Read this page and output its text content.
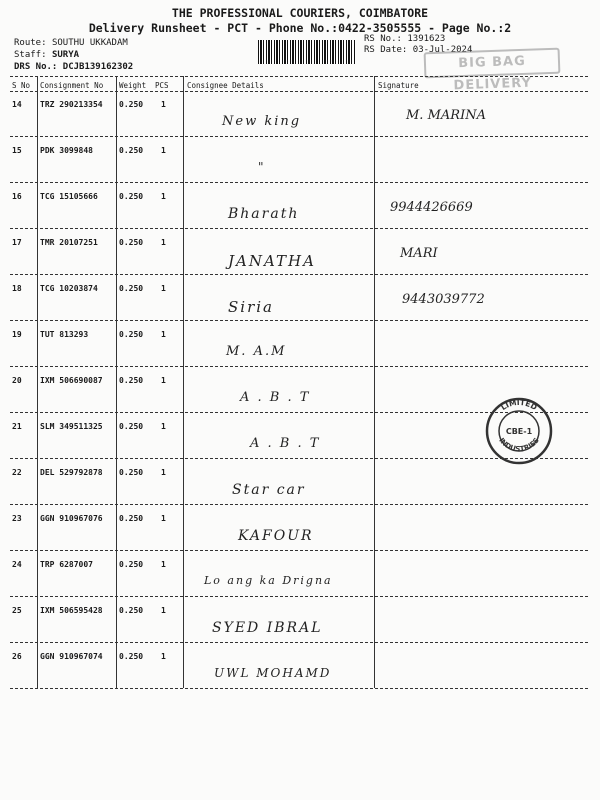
THE PROFESSIONAL COURIERS, COIMBATORE
Delivery Runsheet - PCT - Phone No.:0422-3505555 - Page No.:2
Route: SOUTHU UKKADAM
Staff: SURYA
DRS No.: DCJB139162302
RS No.: 1391623
RS Date: 03-Jul-2024
BIG BAG DELIVERY
S No Consignment No Weight PCS Consignee Details	Signature
14 TRZ 290213354 0.250 1
New king	M. MARINA
15 PDK 3099848	0.250 1
"
16 TCG 15105666	0.250 1
Bharath	9944426669
17 TMR 20107251	0.250 1
JANATHA	MARI
18 TCG 10203874	0.250 1
Siria	9443039772
19 TUT 813293	0.250 1
M. A.M
20 IXM 506690087 0.250 1
A . B . T
21 SLM 349511325 0.250 1
A . B . T
22 DEL 529792878 0.250 1
Star car
23 GGN 910967076 0.250 1
KAFOUR
24 TRP 6287007	0.250 1
Lo ang ka Drigna
25 IXM 506595428 0.250 1
SYED IBRAL
26 GGN 910967074 0.250 1
UWL MOHAMD
LIMITED
INDUSTRIES
CBE-1
